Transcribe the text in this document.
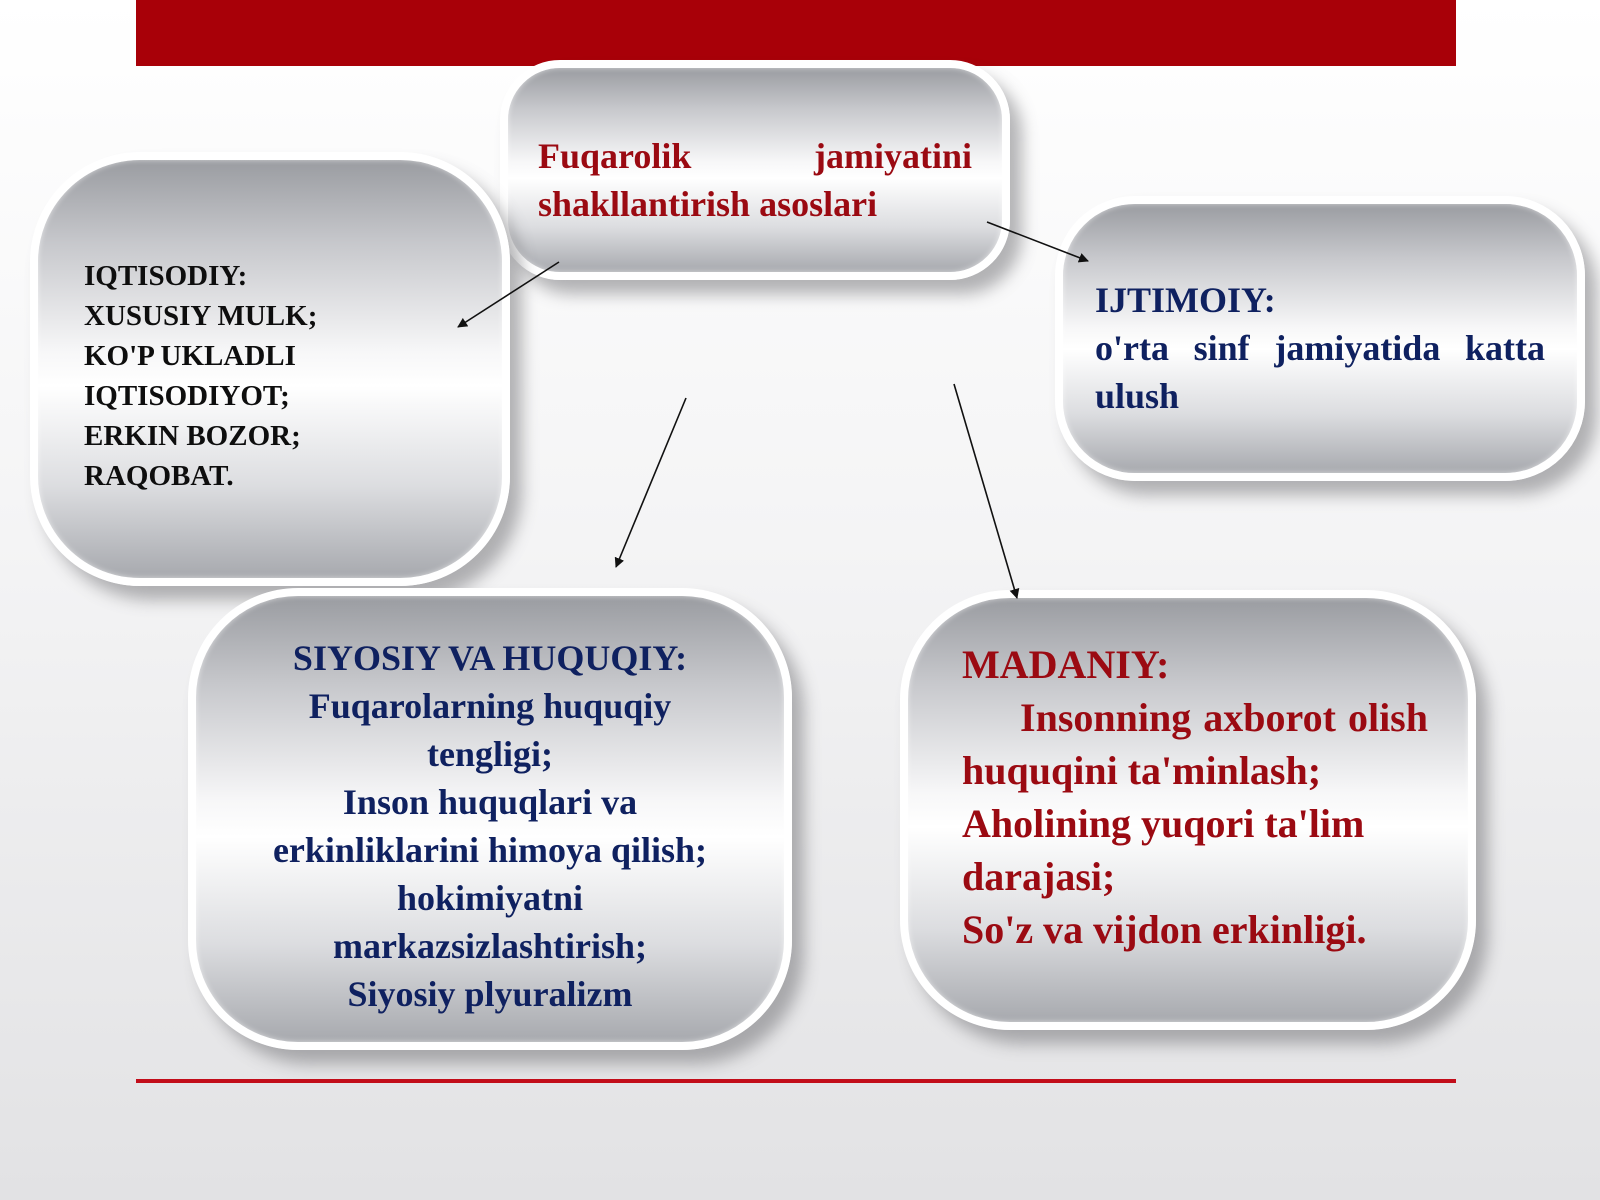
Fuqarolik jamiyatini
shakllantirish asoslari
IQTISODIY:
XUSUSIY MULK;
KO'P UKLADLI
IQTISODIYOT;
ERKIN BOZOR;
RAQOBAT.
IJTIMOIY:
o'rta sinf jamiyatida katta ulush
SIYOSIY VA HUQUQIY:
Fuqarolarning huquqiy
tengligi;
Inson huquqlari va
erkinliklarini himoya qilish;
hokimiyatni
markazsizlashtirish;
Siyosiy plyuralizm
MADANIY:
Insonning axborot olish huquqini ta'minlash;
Aholining yuqori ta'lim darajasi;
So'z va vijdon erkinligi.
